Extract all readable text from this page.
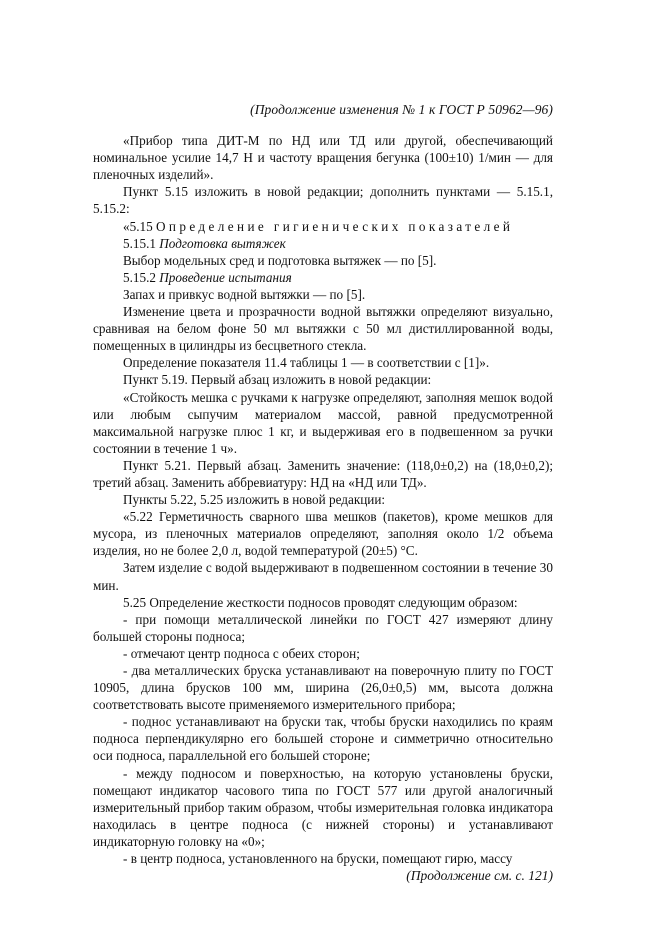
(Продолжение изменения № 1 к ГОСТ Р 50962—96)

«Прибор типа ДИТ-М по НД или ТД или другой, обеспечивающий номинальное усилие 14,7 Н и частоту вращения бегунка (100±10) 1/мин — для пленочных изделий».

Пункт 5.15 изложить в новой редакции; дополнить пунктами — 5.15.1, 5.15.2:

«5.15 Определение гигиенических показателей

5.15.1 Подготовка вытяжек

Выбор модельных сред и подготовка вытяжек — по [5].

5.15.2 Проведение испытания

Запах и привкус водной вытяжки — по [5].

Изменение цвета и прозрачности водной вытяжки определяют визуально, сравнивая на белом фоне 50 мл вытяжки с 50 мл дистиллированной воды, помещенных в цилиндры из бесцветного стекла.

Определение показателя 11.4 таблицы 1 — в соответствии с [1]».

Пункт 5.19. Первый абзац изложить в новой редакции:

«Стойкость мешка с ручками к нагрузке определяют, заполняя мешок водой или любым сыпучим материалом массой, равной предусмотренной максимальной нагрузке плюс 1 кг, и выдерживая его в подвешенном за ручки состоянии в течение 1 ч».

Пункт 5.21. Первый абзац. Заменить значение: (118,0±0,2) на (18,0±0,2); третий абзац. Заменить аббревиатуру: НД на «НД или ТД».

Пункты 5.22, 5.25 изложить в новой редакции:

«5.22 Герметичность сварного шва мешков (пакетов), кроме мешков для мусора, из пленочных материалов определяют, заполняя около 1/2 объема изделия, но не более 2,0 л, водой температурой (20±5) °С.

Затем изделие с водой выдерживают в подвешенном состоянии в течение 30 мин.

5.25 Определение жесткости подносов проводят следующим образом:

- при помощи металлической линейки по ГОСТ 427 измеряют длину большей стороны подноса;

- отмечают центр подноса с обеих сторон;

- два металлических бруска устанавливают на поверочную плиту по ГОСТ 10905, длина брусков 100 мм, ширина (26,0±0,5) мм, высота должна соответствовать высоте применяемого измерительного прибора;

- поднос устанавливают на бруски так, чтобы бруски находились по краям подноса перпендикулярно его большей стороне и симметрично относительно оси подноса, параллельной его большей стороне;

- между подносом и поверхностью, на которую установлены бруски, помещают индикатор часового типа по ГОСТ 577 или другой аналогичный измерительный прибор таким образом, чтобы измерительная головка индикатора находилась в центре подноса (с нижней стороны) и устанавливают индикаторную головку на «0»;

- в центр подноса, установленного на бруски, помещают гирю, массу

(Продолжение см. с. 121)
